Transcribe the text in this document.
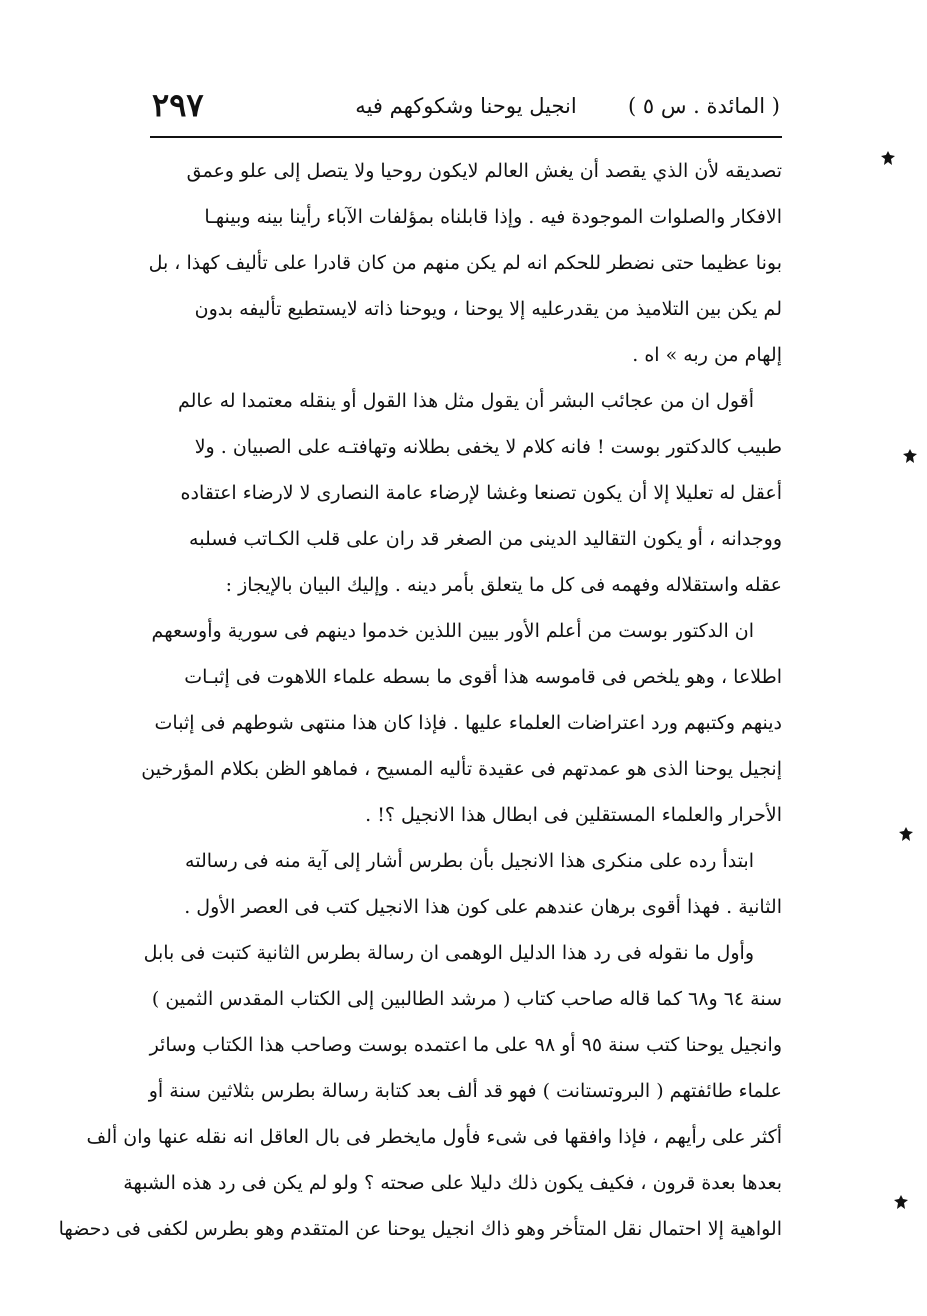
( المائدة . س ٥ )
انجيل يوحنا وشكوكهم فيه
٢٩٧
تصديقه لأن الذي يقصد أن يغش العالم لايكون روحيا ولا يتصل إلى علو وعمق
الافكار والصلوات الموجودة فيه . وإذا قابلناه بمؤلفات الآباء رأينا بينه وبينهـا
بونا عظيما حتى نضطر للحكم انه لم يكن منهم من كان قادرا على تأليف كهذا ، بل
لم يكن بين التلاميذ من يقدرعليه إلا يوحنا ، ويوحنا ذاته لايستطيع تأليفه بدون
إلهام من ربه » اه .
أقول ان من عجائب البشر أن يقول مثل هذا القول أو ينقله معتمدا له عالم
طبيب كالدكتور بوست ! فانه كلام لا يخفى بطلانه وتهافتـه على الصبيان . ولا
أعقل له تعليلا إلا أن يكون تصنعا وغشا لإرضاء عامة النصارى لا لارضاء اعتقاده
ووجدانه ، أو يكون التقاليد الدينى من الصغر قد ران على قلب الكـاتب فسلبه
عقله واستقلاله وفهمه فى كل ما يتعلق بأمر دينه . وإليك البيان بالإيجاز :
ان الدكتور بوست من أعلم الأور بيين اللذين خدموا دينهم فى سورية وأوسعهم
اطلاعا ، وهو يلخص فى قاموسه هذا أقوى ما بسطه علماء اللاهوت فى إثبـات
دينهم وكتبهم ورد اعتراضات العلماء عليها . فإذا كان هذا منتهى شوطهم فى إثبات
إنجيل يوحنا الذى هو عمدتهم فى عقيدة تأليه المسيح ، فماهو الظن بكلام المؤرخين
الأحرار والعلماء المستقلين فى ابطال هذا الانجيل ؟! .
ابتدأ رده على منكرى هذا الانجيل بأن بطرس أشار إلى آية منه فى رسالته
الثانية . فهذا أقوى برهان عندهم على كون هذا الانجيل كتب فى العصر الأول .
وأول ما نقوله فى رد هذا الدليل الوهمى ان رسالة بطرس الثانية كتبت فى بابل
سنة ٦٤ و٦٨ كما قاله صاحب كتاب ( مرشد الطالبين إلى الكتاب المقدس الثمين )
وانجيل يوحنا كتب سنة ٩٥ أو ٩٨ على ما اعتمده بوست وصاحب هذا الكتاب وسائر
علماء طائفتهم ( البروتستانت ) فهو قد ألف بعد كتابة رسالة بطرس بثلاثين سنة أو
أكثر على رأيهم ، فإذا وافقها فى شىء فأول مايخطر فى بال العاقل انه نقله عنها وان ألف
بعدها بعدة قرون ، فكيف يكون ذلك دليلا على صحته ؟ ولو لم يكن فى رد هذه الشبهة
الواهية إلا احتمال نقل المتأخر وهو ذاك انجيل يوحنا عن المتقدم وهو بطرس لكفى فى دحضها
